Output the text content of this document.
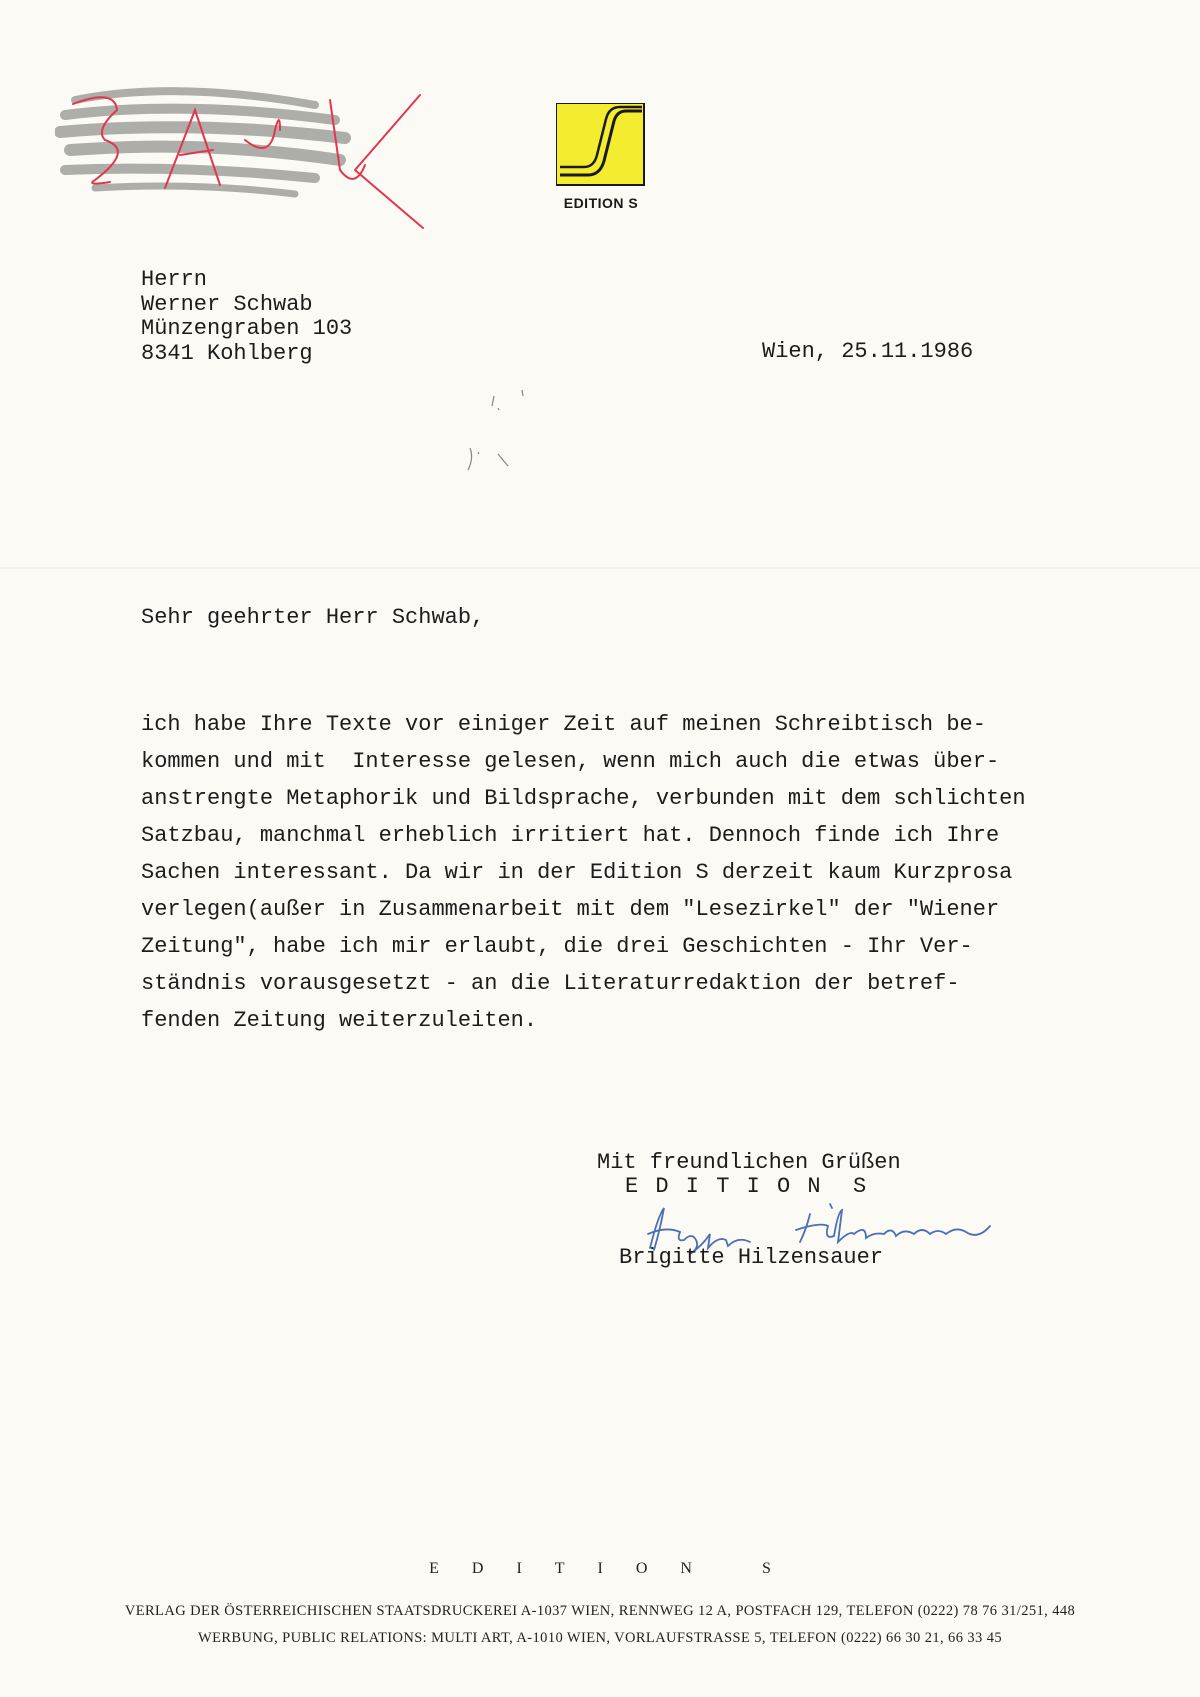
EDITION S
Herrn
Werner Schwab
Münzengraben 103
8341 Kohlberg	Wien, 25.11.1986
Sehr geehrter Herr Schwab,
ich habe Ihre Texte vor einiger Zeit auf meinen Schreibtisch be-
kommen und mit  Interesse gelesen, wenn mich auch die etwas über-
anstrengte Metaphorik und Bildsprache, verbunden mit dem schlichten
Satzbau, manchmal erheblich irritiert hat. Dennoch finde ich Ihre
Sachen interessant. Da wir in der Edition S derzeit kaum Kurzprosa
verlegen(außer in Zusammenarbeit mit dem "Lesezirkel" der "Wiener
Zeitung", habe ich mir erlaubt, die drei Geschichten - Ihr Ver-
ständnis vorausgesetzt - an die Literaturredaktion der betref-
fenden Zeitung weiterzuleiten.
Mit freundlichen Grüßen
E D I T I O N  S
Brigitte Hilzensauer
EDITION S
VERLAG DER ÖSTERREICHISCHEN STAATSDRUCKEREI A-1037 WIEN, RENNWEG 12 A, POSTFACH 129, TELEFON (0222) 78 76 31/251, 448
WERBUNG, PUBLIC RELATIONS: MULTI ART, A-1010 WIEN, VORLAUFSTRASSE 5, TELEFON (0222) 66 30 21, 66 33 45
